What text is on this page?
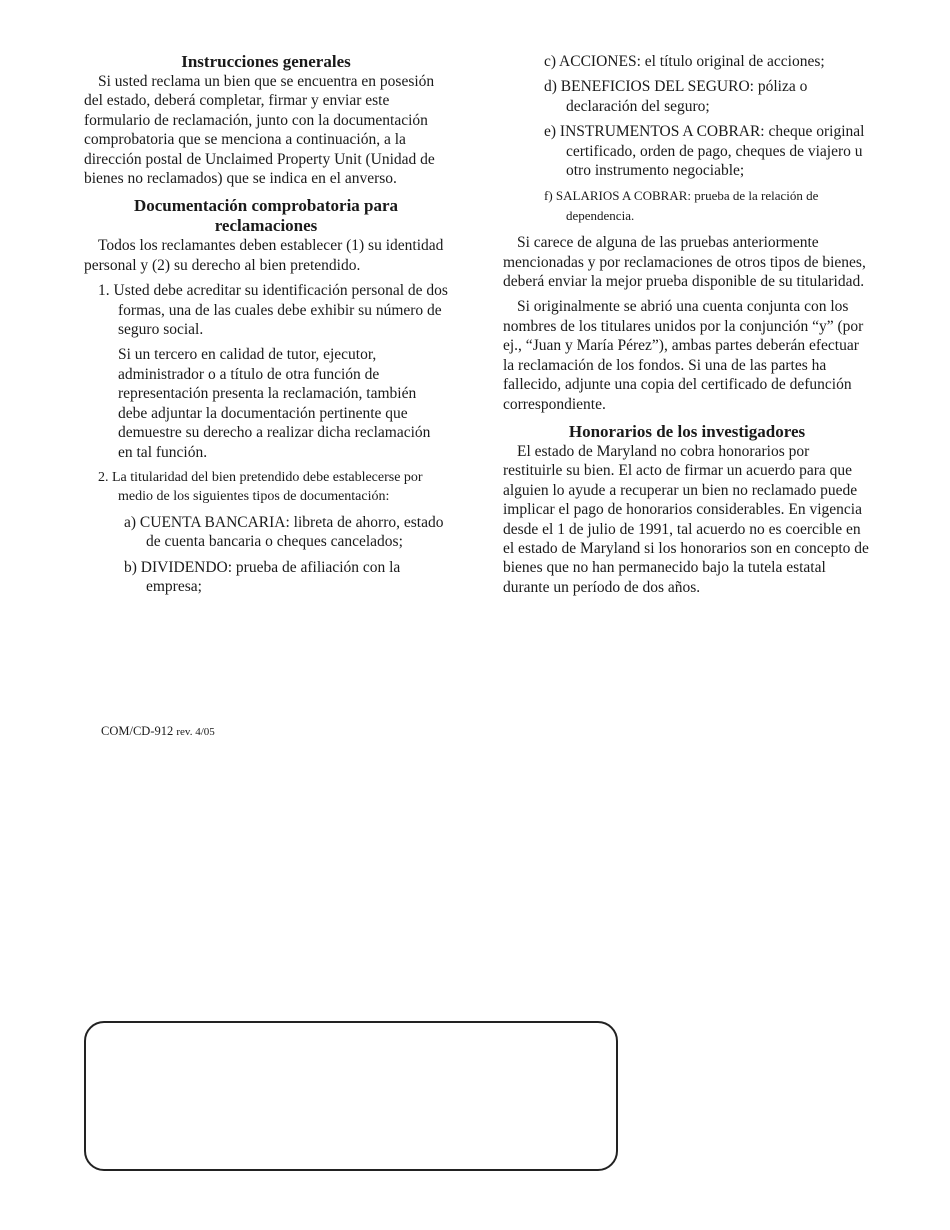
Instrucciones generales

Si usted reclama un bien que se encuentra en posesión del estado, deberá completar, firmar y enviar este formulario de reclamación, junto con la documentación comprobatoria que se menciona a continuación, a la dirección postal de Unclaimed Property Unit (Unidad de bienes no reclamados) que se indica en el anverso.

Documentación comprobatoria para reclamaciones

Todos los reclamantes deben establecer (1) su identidad personal y (2) su derecho al bien pretendido.

1. Usted debe acreditar su identificación personal de dos formas, una de las cuales debe exhibir su número de seguro social.

Si un tercero en calidad de tutor, ejecutor, administrador o a título de otra función de representación presenta la reclamación, también debe adjuntar la documentación pertinente que demuestre su derecho a realizar dicha reclamación en tal función.

2. La titularidad del bien pretendido debe establecerse por medio de los siguientes tipos de documentación:

a) CUENTA BANCARIA: libreta de ahorro, estado de cuenta bancaria o cheques cancelados;

b) DIVIDENDO: prueba de afiliación con la empresa;

c) ACCIONES: el título original de acciones;

d) BENEFICIOS DEL SEGURO: póliza o declaración del seguro;

e) INSTRUMENTOS A COBRAR: cheque original certificado, orden de pago, cheques de viajero u otro instrumento negociable;

f) SALARIOS A COBRAR: prueba de la relación de dependencia.

Si carece de alguna de las pruebas anteriormente mencionadas y por reclamaciones de otros tipos de bienes, deberá enviar la mejor prueba disponible de su titularidad.

Si originalmente se abrió una cuenta conjunta con los nombres de los titulares unidos por la conjunción “y” (por ej., “Juan y María Pérez”), ambas partes deberán efectuar la reclamación de los fondos. Si una de las partes ha fallecido, adjunte una copia del certificado de defunción correspondiente.

Honorarios de los investigadores

El estado de Maryland no cobra honorarios por restituirle su bien. El acto de firmar un acuerdo para que alguien lo ayude a recuperar un bien no reclamado puede implicar el pago de honorarios considerables. En vigencia desde el 1 de julio de 1991, tal acuerdo no es coercible en el estado de Maryland si los honorarios son en concepto de bienes que no han permanecido bajo la tutela estatal durante un período de dos años.

COM/CD-912 rev. 4/05
